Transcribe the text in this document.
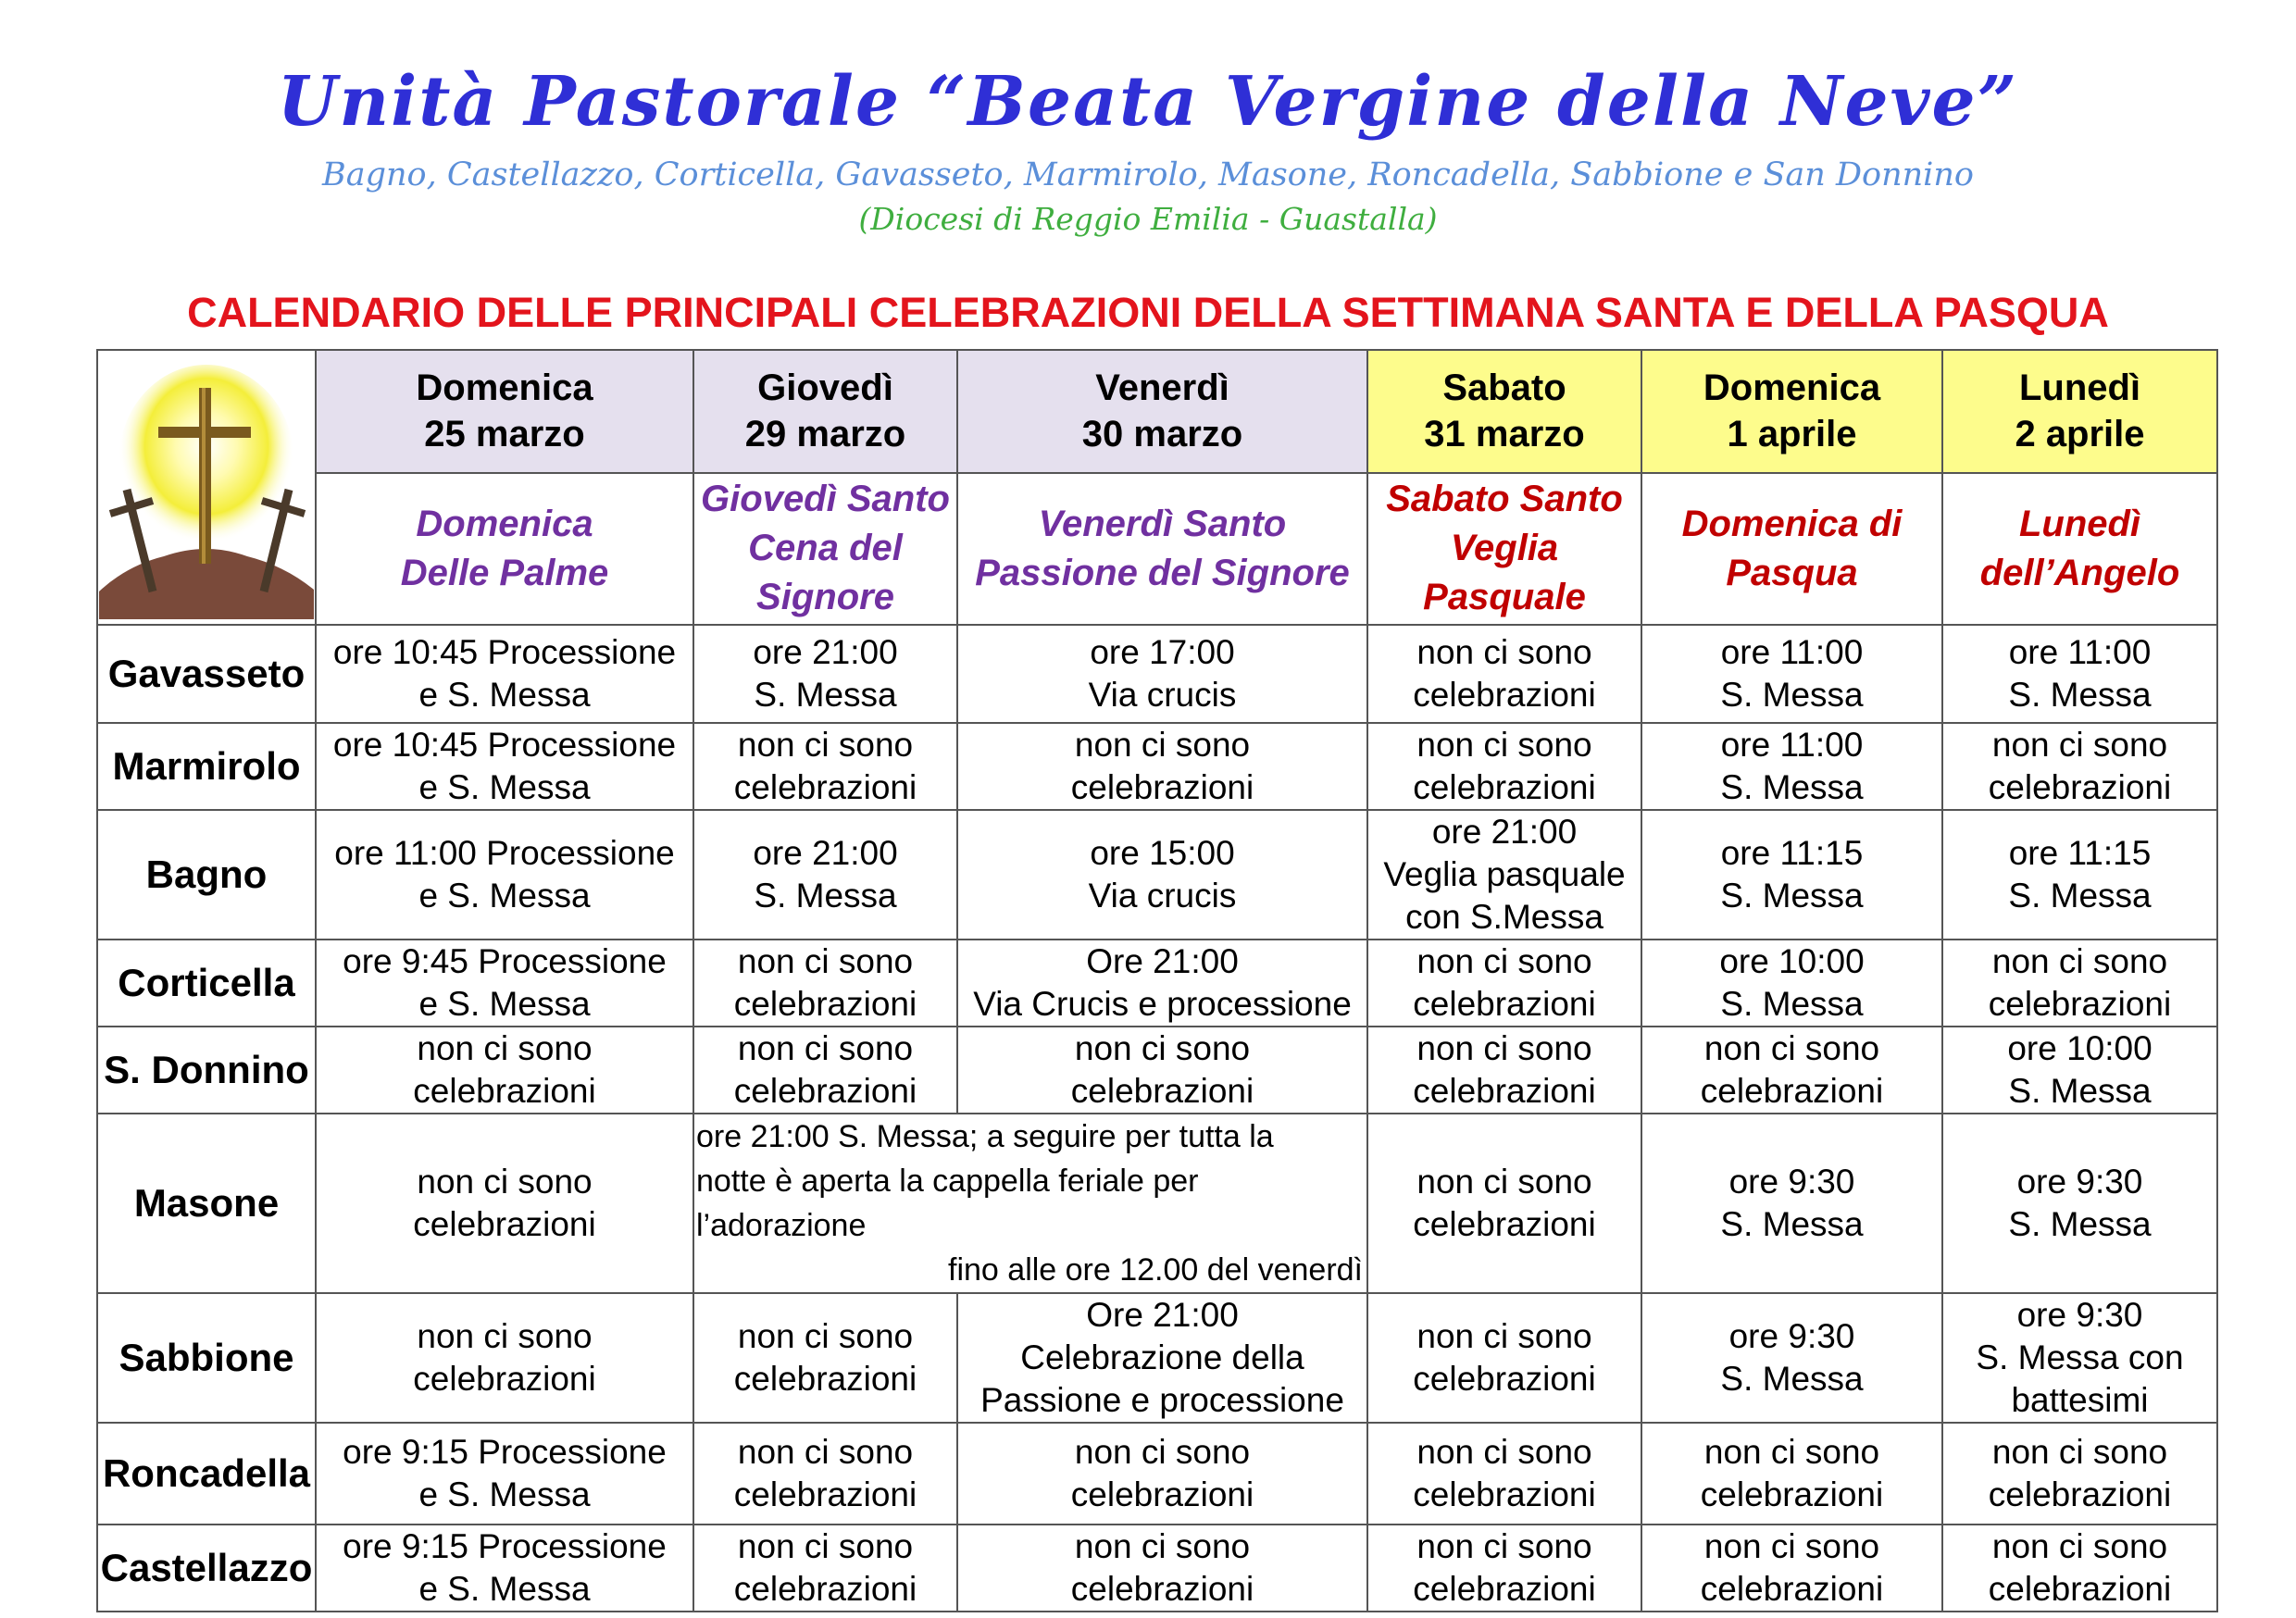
Unità Pastorale “Beata Vergine della Neve”
Bagno, Castellazzo, Corticella, Gavasseto, Marmirolo, Masone, Roncadella, Sabbione e San Donnino
(Diocesi di Reggio Emilia - Guastalla)
CALENDARIO DELLE PRINCIPALI CELEBRAZIONI DELLA SETTIMANA SANTA E DELLA PASQUA

Domenica
25 marzo	Giovedì
29 marzo	Venerdì
30 marzo	Sabato
31 marzo	Domenica
1 aprile	Lunedì
2 aprile

	Domenica
Delle Palme	Giovedì Santo
Cena del
Signore	Venerdì Santo
Passione del Signore	Sabato Santo
Veglia Pasquale	Domenica di
Pasqua	Lunedì
dell’Angelo

Gavasseto	ore 10:45 Processione
e S. Messa	ore 21:00
S. Messa	ore 17:00
Via crucis	non ci sono
celebrazioni	ore 11:00
S. Messa	ore 11:00
S. Messa

Marmirolo	ore 10:45 Processione
e S. Messa	non ci sono
celebrazioni	non ci sono
celebrazioni	non ci sono
celebrazioni	ore 11:00
S. Messa	non ci sono
celebrazioni

Bagno	ore 11:00 Processione
e S. Messa	ore 21:00
S. Messa	ore 15:00
Via crucis	ore 21:00
Veglia pasquale
con S.Messa	ore 11:15
S. Messa	ore 11:15
S. Messa

Corticella	ore 9:45 Processione
e S. Messa	non ci sono
celebrazioni	Ore 21:00
Via Crucis e processione	non ci sono
celebrazioni	ore 10:00
S. Messa	non ci sono
celebrazioni

S. Donnino	non ci sono
celebrazioni	non ci sono
celebrazioni	non ci sono
celebrazioni	non ci sono
celebrazioni	non ci sono
celebrazioni	ore 10:00
S. Messa

Masone	non ci sono
celebrazioni	ore 21:00 S. Messa; a seguire per tutta la
notte è aperta la cappella feriale per l’adorazione
fino alle ore 12.00 del venerdì		non ci sono
celebrazioni	ore 9:30
S. Messa	ore 9:30
S. Messa

Sabbione	non ci sono
celebrazioni	non ci sono
celebrazioni	Ore 21:00
Celebrazione della
Passione e processione	non ci sono
celebrazioni	ore 9:30
S. Messa	ore 9:30
S. Messa con
battesimi

Roncadella	ore 9:15 Processione
e S. Messa	non ci sono
celebrazioni	non ci sono
celebrazioni	non ci sono
celebrazioni	non ci sono
celebrazioni	non ci sono
celebrazioni

Castellazzo	ore 9:15 Processione
e S. Messa	non ci sono
celebrazioni	non ci sono
celebrazioni	non ci sono
celebrazioni	non ci sono
celebrazioni	non ci sono
celebrazioni
